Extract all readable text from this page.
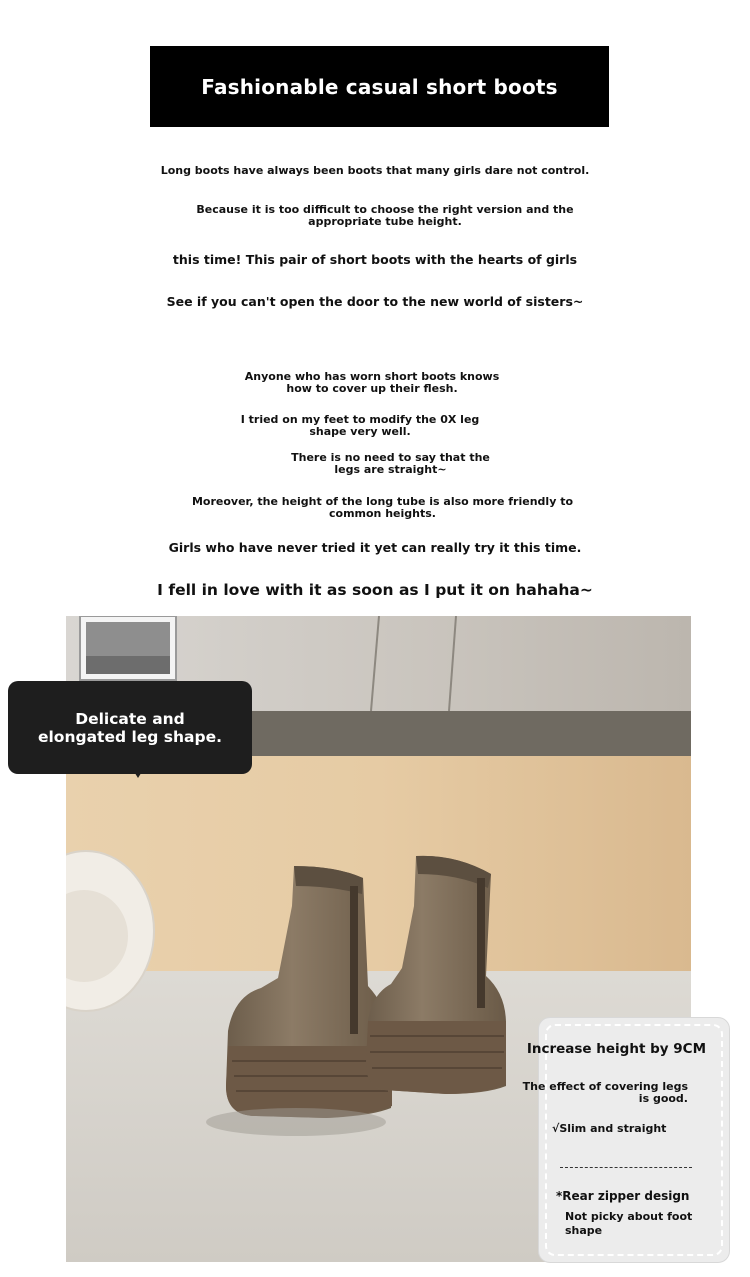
Fashionable casual short boots
Long boots have always been boots that many girls dare not control.
Because it is too difficult to choose the right version and the appropriate tube height.
this time! This pair of short boots with the hearts of girls
See if you can't open the door to the new world of sisters~
Anyone who has worn short boots knows how to cover up their flesh.
I tried on my feet to modify the 0X leg shape very well.
There is no need to say that the legs are straight~
Moreover, the height of the long tube is also more friendly to common heights.
Girls who have never tried it yet can really try it this time.
I fell in love with it as soon as I put it on hahaha~
Delicate and elongated leg shape.
Increase height by 9CM
The effect of covering legs is good.
√Slim and straight
*Rear zipper design
Not picky about foot shape
